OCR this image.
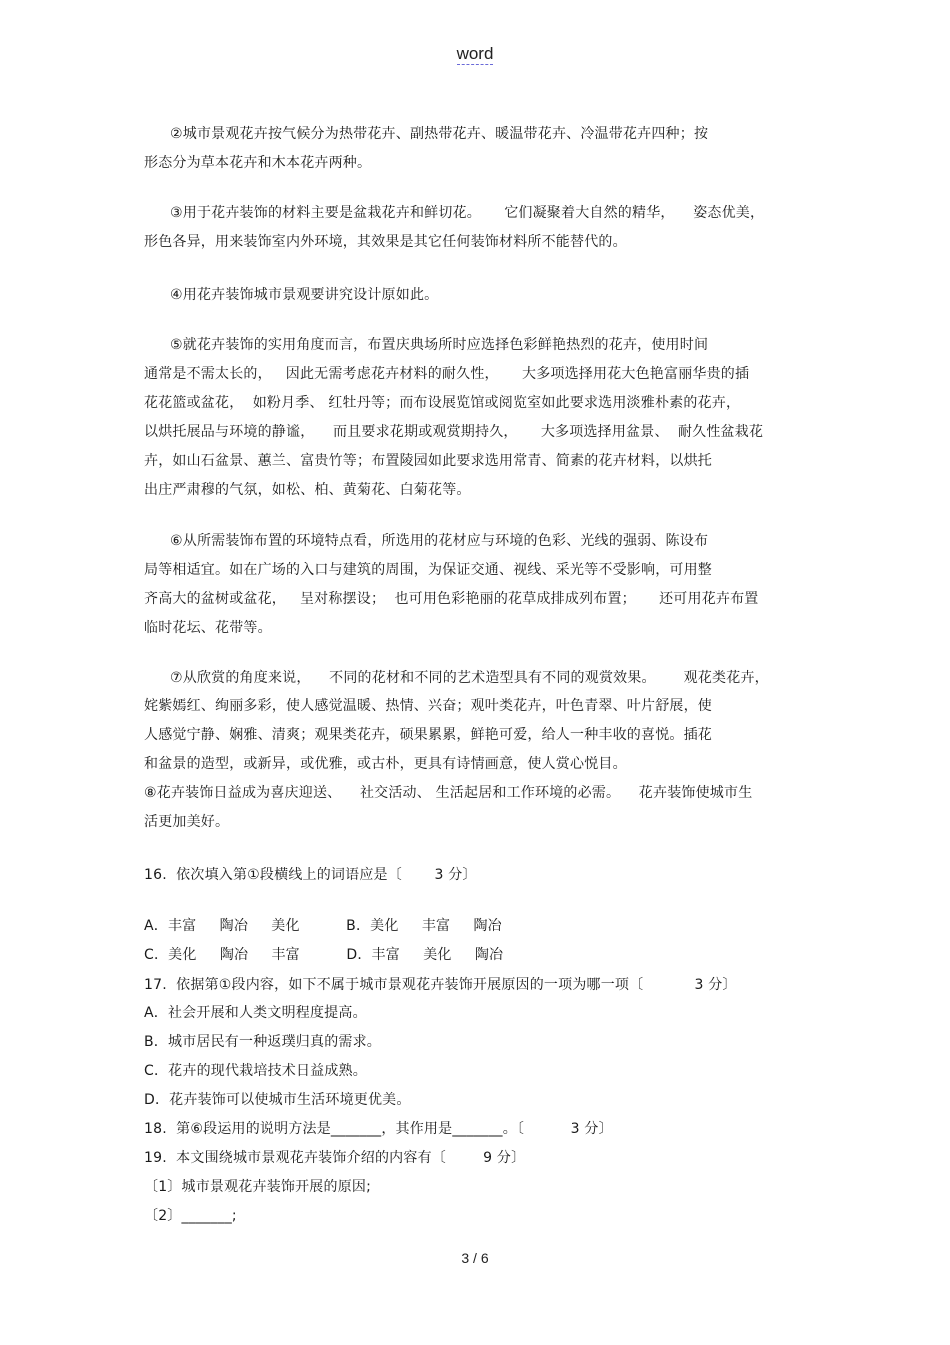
word
②城市景观花卉按气候分为热带花卉、副热带花卉、暖温带花卉、冷温带花卉四种；按
形态分为草本花卉和木本花卉两种。
③用于花卉装饰的材料主要是盆栽花卉和鲜切花。     它们凝聚着大自然的精华，    姿态优美，
形色各异，用来装饰室内外环境，其效果是其它任何装饰材料所不能替代的。
④用花卉装饰城市景观要讲究设计原如此。
⑤就花卉装饰的实用角度而言，布置庆典场所时应选择色彩鲜艳热烈的花卉，使用时间
通常是不需太长的，   因此无需考虑花卉材料的耐久性，     大多项选择用花大色艳富丽华贵的插
花花篮或盆花，  如粉月季、 红牡丹等；而布设展览馆或阅览室如此要求选用淡雅朴素的花卉，
以烘托展品与环境的静谧，    而且要求花期或观赏期持久，     大多项选择用盆景、  耐久性盆栽花
卉，如山石盆景、蕙兰、富贵竹等；布置陵园如此要求选用常青、简素的花卉材料，以烘托
出庄严肃穆的气氛，如松、柏、黄菊花、白菊花等。
⑥从所需装饰布置的环境特点看，所选用的花材应与环境的色彩、光线的强弱、陈设布
局等相适宜。如在广场的入口与建筑的周围，为保证交通、视线、采光等不受影响，可用整
齐高大的盆树或盆花，   呈对称摆设；  也可用色彩艳丽的花草成排成列布置；     还可用花卉布置
临时花坛、花带等。
⑦从欣赏的角度来说，    不同的花材和不同的艺术造型具有不同的观赏效果。      观花类花卉，
姹紫嫣红、绚丽多彩，使人感觉温暖、热情、兴奋；观叶类花卉，叶色青翠、叶片舒展，使
人感觉宁静、娴雅、清爽；观果类花卉，硕果累累，鲜艳可爱，给人一种丰收的喜悦。插花
和盆景的造型，或新异，或优雅，或古朴，更具有诗情画意，使人赏心悦目。
⑧花卉装饰日益成为喜庆迎送、    社交活动、 生活起居和工作环境的必需。    花卉装饰使城市生
活更加美好。
16.  依次填入第①段横线上的词语应是〔       3 分〕
A．丰富     陶冶     美化          B．美化     丰富     陶冶
C．美化     陶冶     丰富          D．丰富     美化     陶冶
17.  依据第①段内容，如下不属于城市景观花卉装饰开展原因的一项为哪一项〔           3 分〕
A．社会开展和人类文明程度提高。
B．城市居民有一种返璞归真的需求。
C．花卉的现代栽培技术日益成熟。
D．花卉装饰可以使城市生活环境更优美。
18.  第⑥段运用的说明方法是_______，其作用是_______。〔          3 分〕
19.  本文围绕城市景观花卉装饰介绍的内容有〔        9 分〕
〔1〕城市景观花卉装饰开展的原因;
〔2〕_______;
3 / 6
